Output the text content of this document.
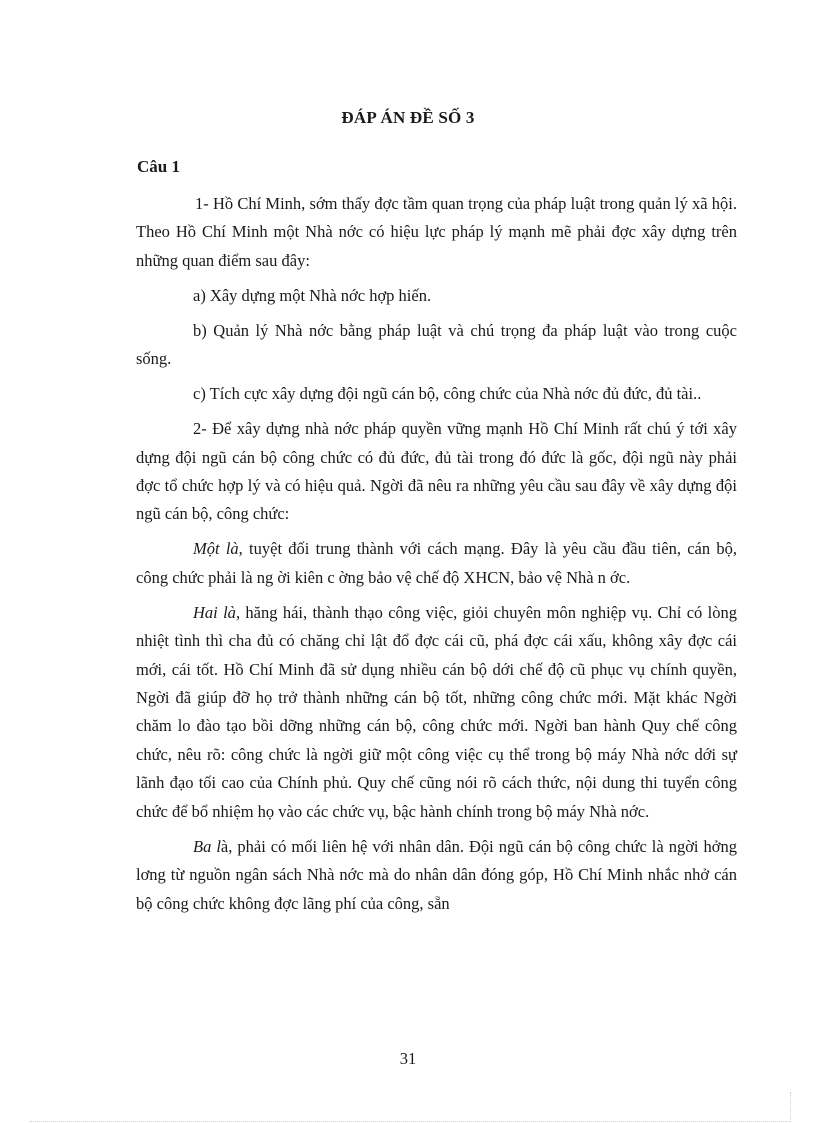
ĐÁP ÁN ĐỀ SỐ 3
Câu 1

1- Hồ Chí Minh, sớm thấy đợc tầm quan trọng của pháp luật trong quản lý xã hội. Theo Hồ Chí Minh một Nhà nớc có hiệu lực pháp lý mạnh mẽ phải đợc xây dựng trên những quan điểm sau đây:

a) Xây dựng một Nhà nớc hợp hiến.

b) Quản lý Nhà nớc bằng pháp luật và chú trọng đa pháp luật vào trong cuộc sống.

c) Tích cực xây dựng đội ngũ cán bộ, công chức của Nhà nớc đủ đức, đủ tài..

2- Để xây dựng nhà nớc pháp quyền vững mạnh Hồ Chí Minh rất chú ý tới xây dựng đội ngũ cán bộ công chức có đủ đức, đủ tài trong đó đức là gốc, đội ngũ này phải đợc tổ chức hợp lý và có hiệu quả. Ngời đã nêu ra những yêu cầu sau đây về xây dựng đội ngũ cán bộ, công chức:

Một là, tuyệt đối trung thành với cách mạng. Đây là yêu cầu đầu tiên, cán bộ, công chức phải là ng ời kiên c ờng bảo vệ chế độ XHCN, bảo vệ Nhà n ớc.

Hai là, hăng hái, thành thạo công việc, giỏi chuyên môn nghiệp vụ. Chỉ có lòng nhiệt tình thì cha đủ có chăng chỉ lật đổ đợc cái cũ, phá đợc cái xấu, không xây đợc cái mới, cái tốt. Hồ Chí Minh đã sử dụng nhiều cán bộ dới chế độ cũ phục vụ chính quyền, Ngời đã giúp đỡ họ trở thành những cán bộ tốt, những công chức mới. Mặt khác Ngời chăm lo đào tạo bồi dỡng những cán bộ, công chức mới. Ngời ban hành Quy chế công chức, nêu rõ: công chức là ngời giữ một công việc cụ thể trong bộ máy Nhà nớc dới sự lãnh đạo tối cao của Chính phủ. Quy chế cũng nói rõ cách thức, nội dung thi tuyển công chức để bổ nhiệm họ vào các chức vụ, bậc hành chính trong bộ máy Nhà nớc.

Ba là, phải có mối liên hệ với nhân dân. Đội ngũ cán bộ công chức là ngời hởng lơng từ nguồn ngân sách Nhà nớc mà do nhân dân đóng góp, Hồ Chí Minh nhắc nhở cán bộ công chức không đợc lãng phí của công, sẵn

31
